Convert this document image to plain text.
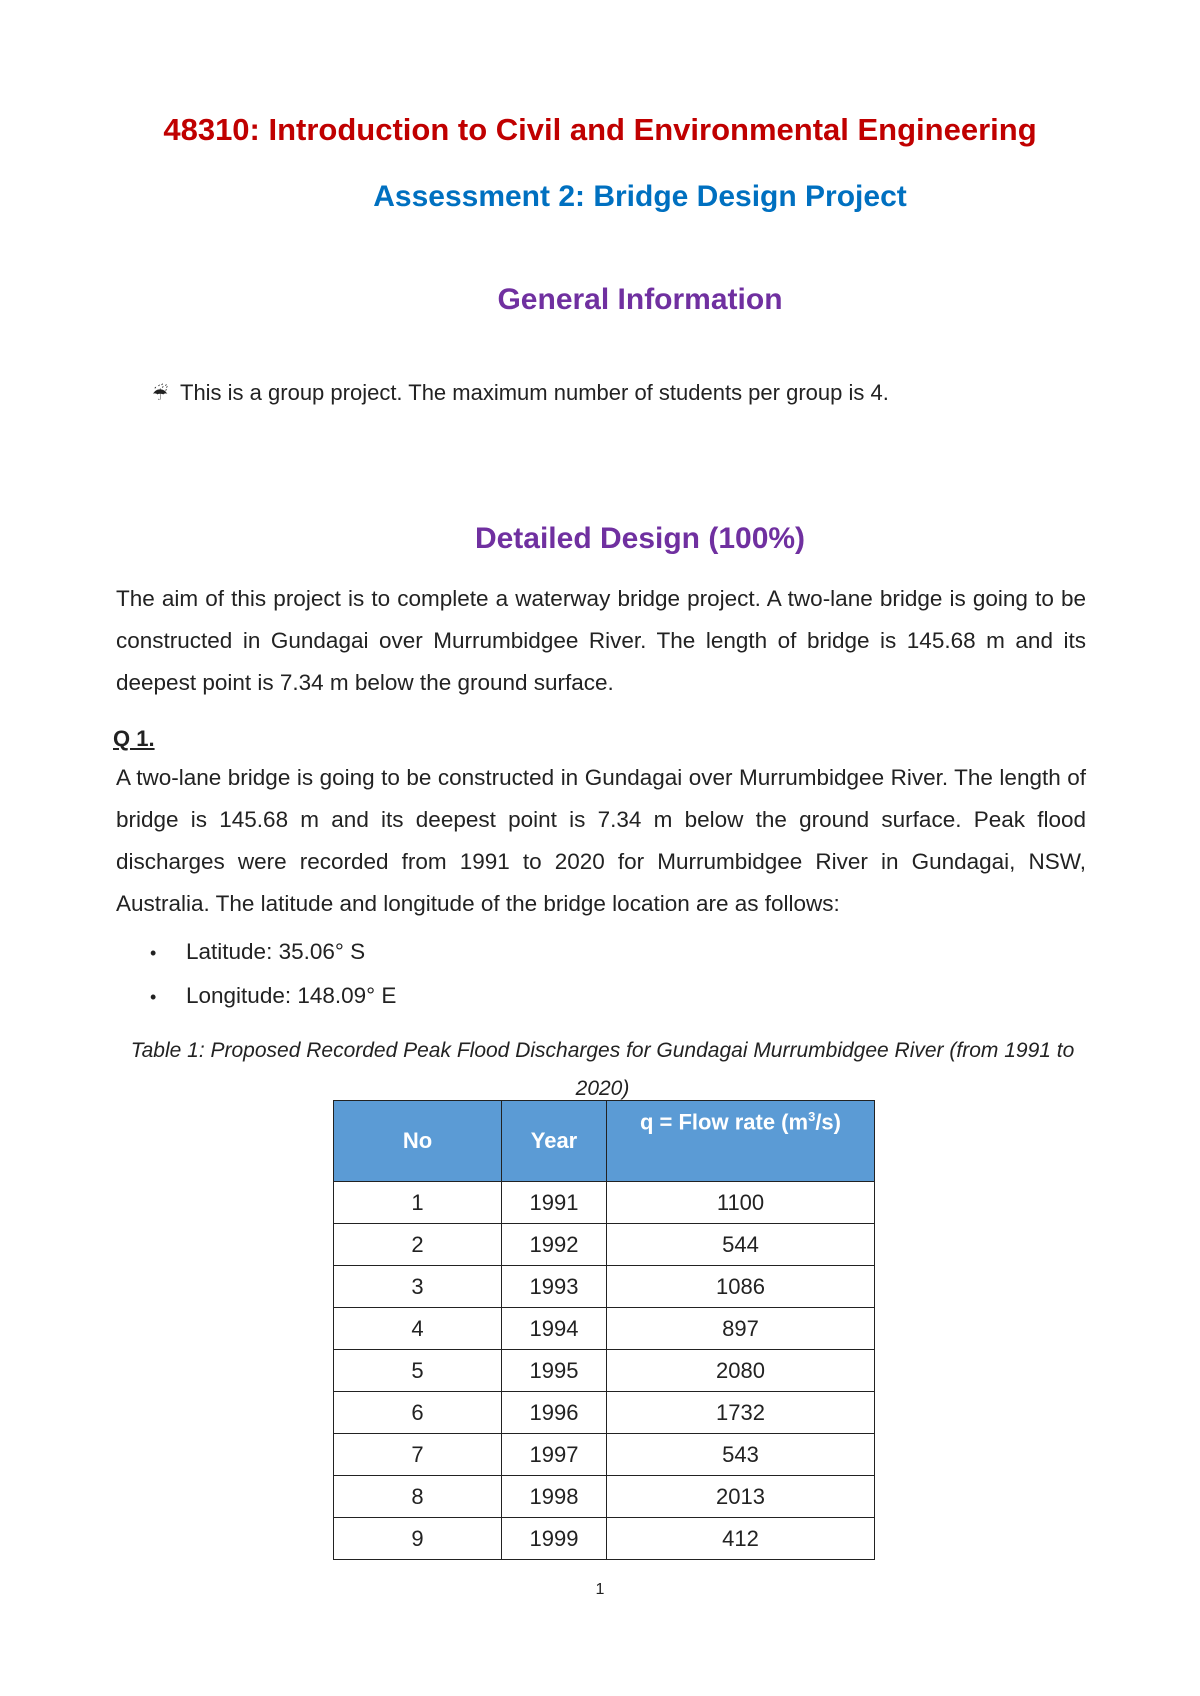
48310: Introduction to Civil and Environmental Engineering
Assessment 2: Bridge Design Project
General Information
☔ This is a group project. The maximum number of students per group is 4.
Detailed Design (100%)
The aim of this project is to complete a waterway bridge project. A two-lane bridge is going to be constructed in Gundagai over Murrumbidgee River. The length of bridge is 145.68 m and its deepest point is 7.34 m below the ground surface.
Q 1.
A two-lane bridge is going to be constructed in Gundagai over Murrumbidgee River. The length of bridge is 145.68 m and its deepest point is 7.34 m below the ground surface. Peak flood discharges were recorded from 1991 to 2020 for Murrumbidgee River in Gundagai, NSW, Australia. The latitude and longitude of the bridge location are as follows:
• Latitude: 35.06° S
• Longitude: 148.09° E
Table 1: Proposed Recorded Peak Flood Discharges for Gundagai Murrumbidgee River (from 1991 to 2020)
No	Year	q = Flow rate $(m^3/s)$
1	1991	1100
2	1992	544
3	1993	1086
4	1994	897
5	1995	2080
6	1996	1732
7	1997	543
8	1998	2013
9	1999	412
1
